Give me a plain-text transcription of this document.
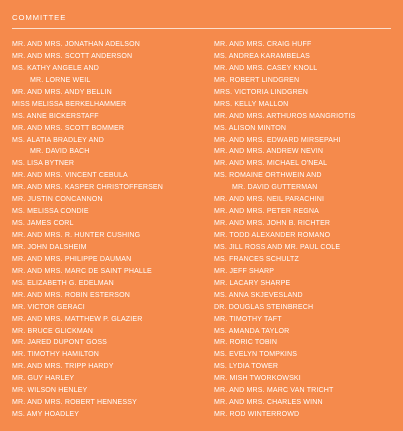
COMMITTEE
MR. AND MRS. JONATHAN ADELSON
MR. AND MRS. SCOTT ANDERSON
MS. KATHY ANGELE AND
MR. LORNE WEIL
MR. AND MRS. ANDY BELLIN
MISS MELISSA BERKELHAMMER
MS. ANNE BICKERSTAFF
MR. AND MRS. SCOTT BOMMER
MS. ALATIA BRADLEY AND
MR. DAVID BACH
MS. LISA BYTNER
MR. AND MRS. VINCENT CEBULA
MR. AND MRS. KASPER CHRISTOFFERSEN
MR. JUSTIN CONCANNON
MS. MELISSA CONDIE
MS. JAMES CORL
MR. AND MRS. R. HUNTER CUSHING
MR. JOHN DALSHEIM
MR. AND MRS. PHILIPPE DAUMAN
MR. AND MRS. MARC DE SAINT PHALLE
MS. ELIZABETH G. EDELMAN
MR. AND MRS. ROBIN ESTERSON
MR. VICTOR GERACI
MR. AND MRS. MATTHEW P. GLAZIER
MR. BRUCE GLICKMAN
MR. JARED DUPONT GOSS
MR. TIMOTHY HAMILTON
MR. AND MRS. TRIPP HARDY
MR. GUY HARLEY
MR. WILSON HENLEY
MR. AND MRS. ROBERT HENNESSY
MS. AMY HOADLEY
MR. AND MRS. CRAIG HUFF
MS. ANDREA KARAMBELAS
MR. AND MRS. CASEY KNOLL
MR. ROBERT LINDGREN
MRS. VICTORIA LINDGREN
MRS. KELLY MALLON
MR. AND MRS. ARTHUROS MANGRIOTIS
MS. ALISON MINTON
MR. AND MRS. EDWARD MIRSEPAHI
MR. AND MRS. ANDREW NEVIN
MR. AND MRS. MICHAEL O'NEAL
MS. ROMAINE ORTHWEIN AND
MR. DAVID GUTTERMAN
MR. AND MRS. NEIL PARACHINI
MR. AND MRS. PETER REGNA
MR. AND MRS. JOHN B. RICHTER
MR. TODD ALEXANDER ROMANO
MS. JILL ROSS AND MR. PAUL COLE
MS. FRANCES SCHULTZ
MR. JEFF SHARP
MR. LACARY SHARPE
MS. ANNA SKJEVESLAND
DR. DOUGLAS STEINBRECH
MR. TIMOTHY TAFT
MS. AMANDA TAYLOR
MR. RORIC TOBIN
MS. EVELYN TOMPKINS
MS. LYDIA TOWER
MR. MISH TWORKOWSKI
MR. AND MRS. MARC VAN TRICHT
MR. AND MRS. CHARLES WINN
MR. ROD WINTERROWD
